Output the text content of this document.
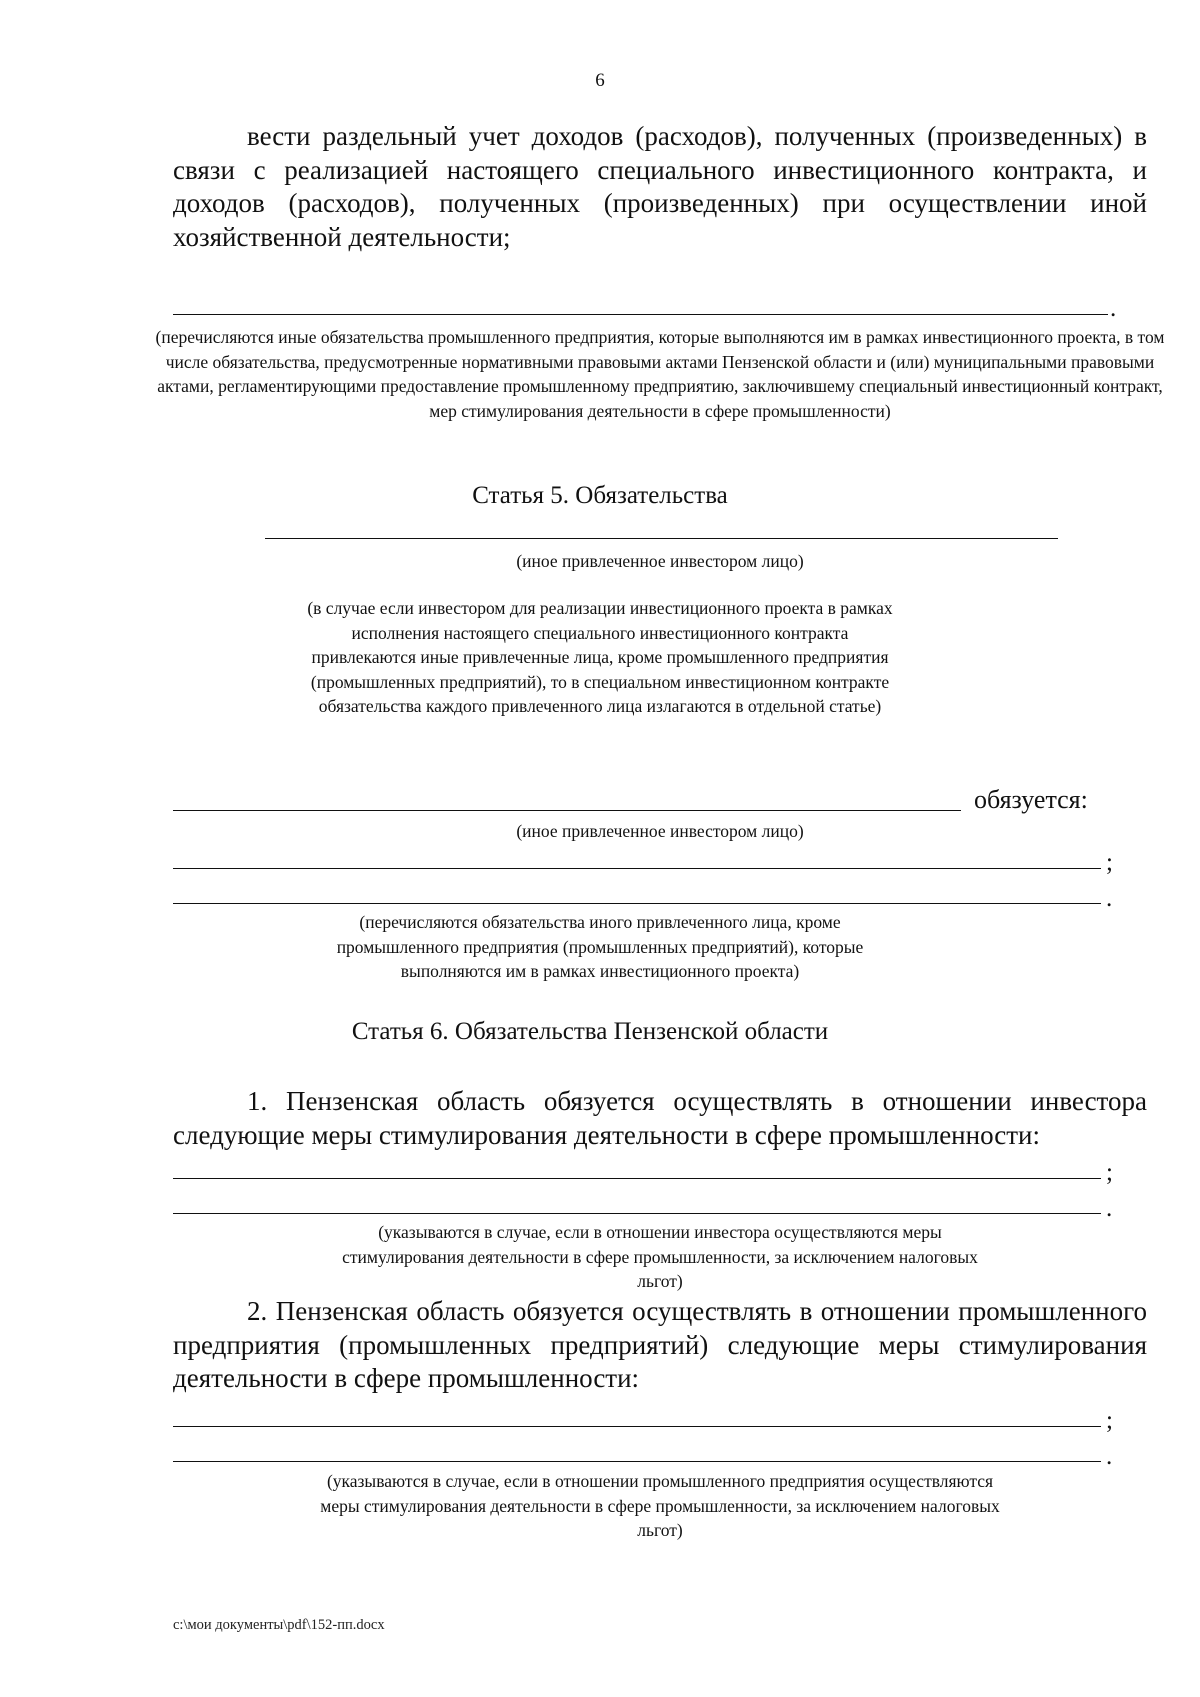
6

вести раздельный учет доходов (расходов), полученных (произведенных) в связи с реализацией настоящего специального инвестиционного контракта, и доходов (расходов), полученных (произведенных) при осуществлении иной хозяйственной деятельности;

.

(перечисляются иные обязательства промышленного предприятия, которые выполняются им в рамках инвестиционного проекта, в том числе обязательства, предусмотренные нормативными правовыми актами Пензенской области и (или) муниципальными правовыми актами, регламентирующими предоставление промышленному предприятию, заключившему специальный инвестиционный контракт, мер стимулирования деятельности в сфере промышленности)

Статья 5. Обязательства

(иное привлеченное инвестором лицо)

(в случае если инвестором для реализации инвестиционного проекта в рамках исполнения настоящего специального инвестиционного контракта привлекаются иные привлеченные лица, кроме промышленного предприятия (промышленных предприятий), то в специальном инвестиционном контракте обязательства каждого привлеченного лица излагаются в отдельной статье)

обязуется:

(иное привлеченное инвестором лицо)

;
.

(перечисляются обязательства иного привлеченного лица, кроме промышленного предприятия (промышленных предприятий), которые выполняются им в рамках инвестиционного проекта)

Статья 6. Обязательства Пензенской области

1. Пензенская область обязуется осуществлять в отношении инвестора следующие меры стимулирования деятельности в сфере промышленности:

;
.

(указываются в случае, если в отношении инвестора осуществляются меры стимулирования деятельности в сфере промышленности, за исключением налоговых льгот)

2. Пензенская область обязуется осуществлять в отношении промышленного предприятия (промышленных предприятий) следующие меры стимулирования деятельности в сфере промышленности:

;
.

(указываются в случае, если в отношении промышленного предприятия осуществляются меры стимулирования деятельности в сфере промышленности, за исключением налоговых льгот)

c:\мои документы\pdf\152-пп.docx
